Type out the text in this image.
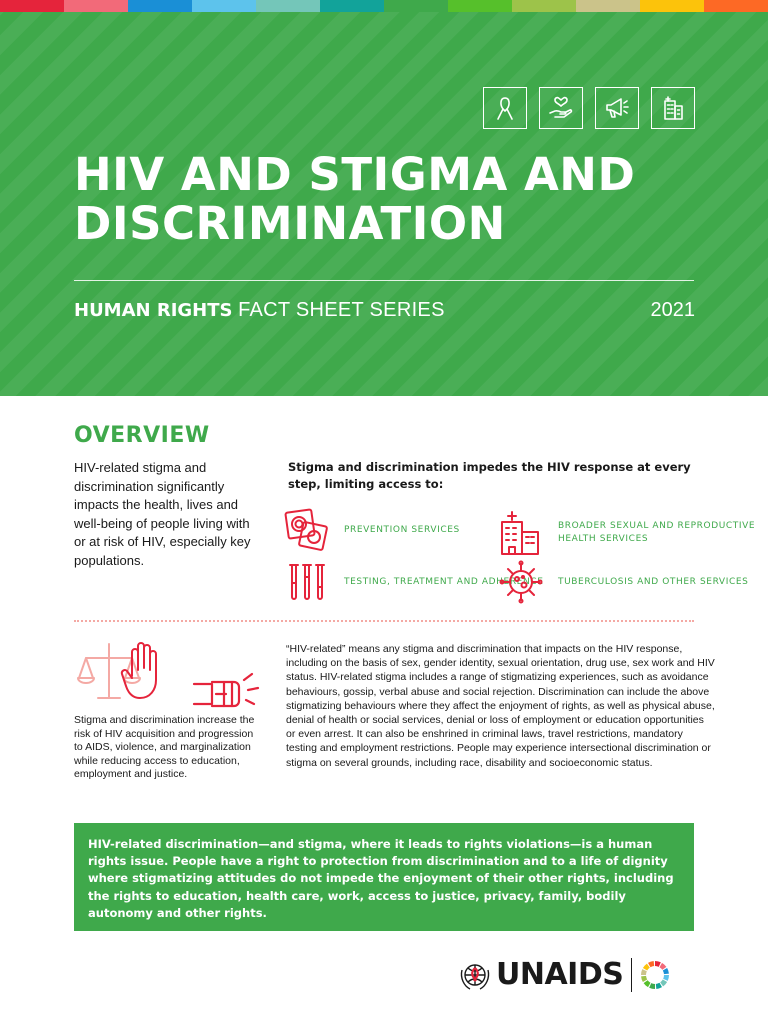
HIV AND STIGMA AND DISCRIMINATION
HUMAN RIGHTS FACT SHEET SERIES	2021
OVERVIEW

HIV-related stigma and discrimination significantly impacts the health, lives and well-being of people living with or at risk of HIV, especially key populations.

Stigma and discrimination impedes the HIV response at every step, limiting access to:

PREVENTION SERVICES	BROADER SEXUAL AND REPRODUCTIVE HEALTH SERVICES
TESTING, TREATMENT AND ADHERENCE TUBERCULOSIS AND OTHER SERVICES

Stigma and discrimination increase the risk of HIV acquisition and progression to AIDS, violence, and marginalization while reducing access to education, employment and justice.

“HIV-related” means any stigma and discrimination that impacts on the HIV response, including on the basis of sex, gender identity, sexual orientation, drug use, sex work and HIV status. HIV-related stigma includes a range of stigmatizing experiences, such as avoidance behaviours, gossip, verbal abuse and social rejection. Discrimination can include the above stigmatizing behaviours where they affect the enjoyment of rights, as well as physical abuse, denial of health or social services, denial or loss of employment or education opportunities or even arrest. It can also be enshrined in criminal laws, travel restrictions, mandatory testing and employment restrictions. People may experience intersectional discrimination or stigma on several grounds, including race, disability and socioeconomic status.

HIV-related discrimination—and stigma, where it leads to rights violations—is a human rights issue. People have a right to protection from discrimination and to a life of dignity where stigmatizing attitudes do not impede the enjoyment of their other rights, including the rights to education, health care, work, access to justice, privacy, family, bodily autonomy and other rights.
UNAIDS
